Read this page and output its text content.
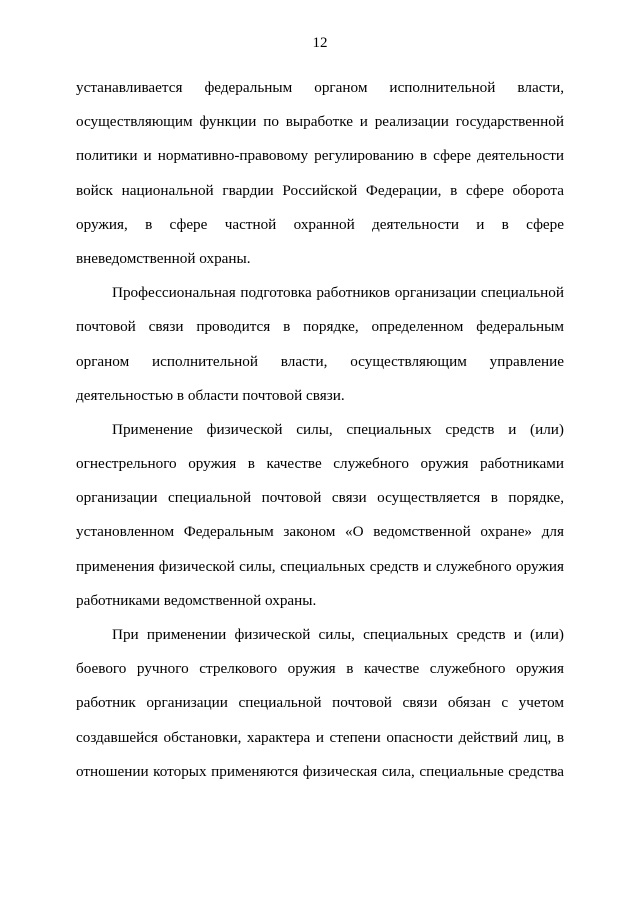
12
устанавливается федеральным органом исполнительной власти,
осуществляющим функции по выработке и реализации государственной
политики и нормативно-правовому регулированию в сфере деятельности
войск национальной гвардии Российской Федерации, в сфере оборота
оружия, в сфере частной охранной деятельности и в сфере
вневедомственной охраны.
Профессиональная подготовка работников организации специальной
почтовой связи проводится в порядке, определенном федеральным
органом исполнительной власти, осуществляющим управление
деятельностью в области почтовой связи.
Применение физической силы, специальных средств и (или)
огнестрельного оружия в качестве служебного оружия работниками
организации специальной почтовой связи осуществляется в порядке,
установленном Федеральным законом «О ведомственной охране» для
применения физической силы, специальных средств и служебного оружия
работниками ведомственной охраны.
При применении физической силы, специальных средств и (или)
боевого ручного стрелкового оружия в качестве служебного оружия
работник организации специальной почтовой связи обязан с учетом
создавшейся обстановки, характера и степени опасности действий лиц, в
отношении которых применяются физическая сила, специальные средства
